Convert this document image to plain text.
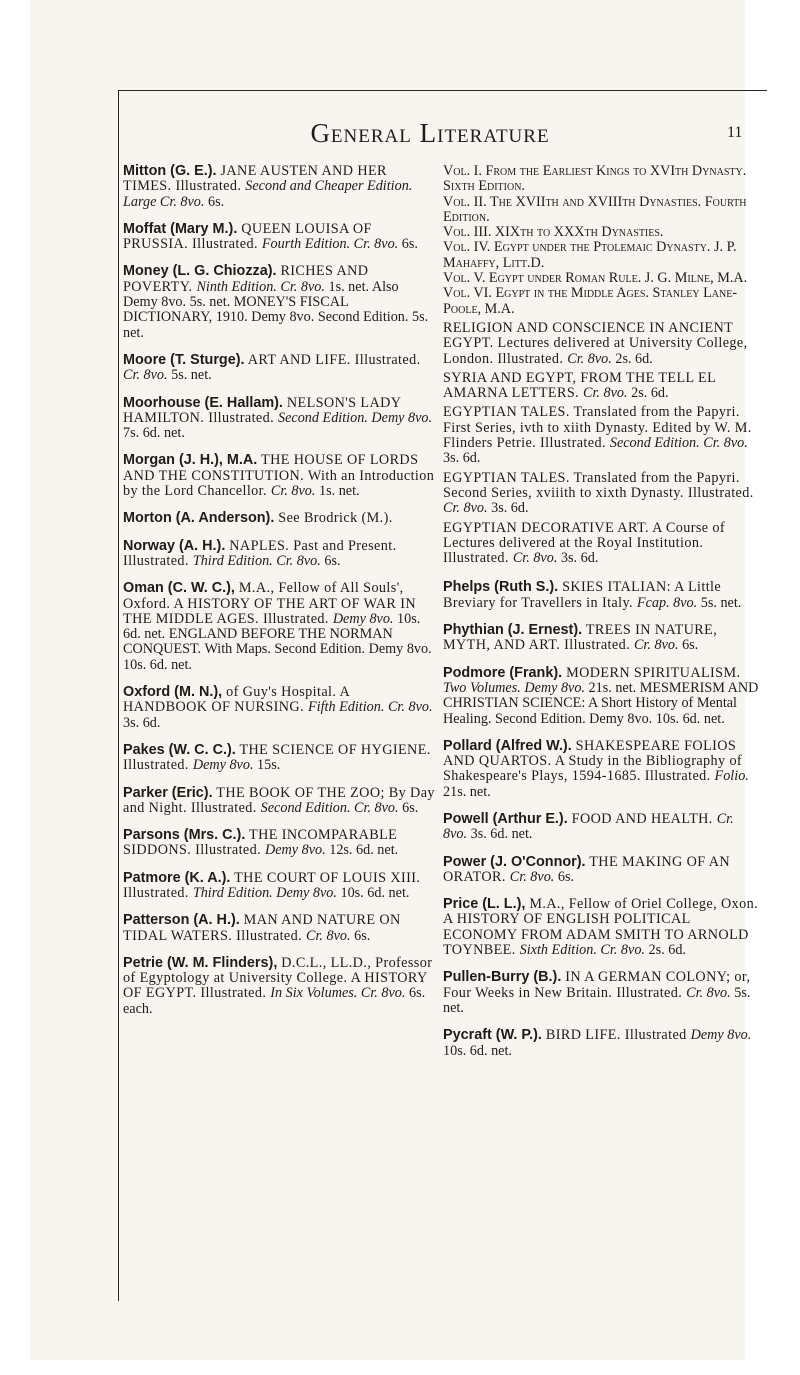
General Literature	11
Mitton (G. E.). JANE AUSTEN AND HER TIMES. Illustrated. Second and Cheaper Edition. Large Cr. 8vo. 6s.
Moffat (Mary M.). QUEEN LOUISA OF PRUSSIA. Illustrated. Fourth Edition. Cr. 8vo. 6s.
Money (L. G. Chiozza). RICHES AND POVERTY. Ninth Edition. Cr. 8vo. 1s. net. Also Demy 8vo. 5s. net. MONEY'S FISCAL DICTIONARY, 1910. Demy 8vo. Second Edition. 5s. net.
Moore (T. Sturge). ART AND LIFE. Illustrated. Cr. 8vo. 5s. net.
Moorhouse (E. Hallam). NELSON'S LADY HAMILTON. Illustrated. Second Edition. Demy 8vo. 7s. 6d. net.
Morgan (J. H.), M.A. THE HOUSE OF LORDS AND THE CONSTITUTION. With an Introduction by the Lord Chancellor. Cr. 8vo. 1s. net.
Morton (A. Anderson). See Brodrick (M.).
Norway (A. H.). NAPLES. Past and Present. Illustrated. Third Edition. Cr. 8vo. 6s.
Oman (C. W. C.), M.A., Fellow of All Souls', Oxford. A HISTORY OF THE ART OF WAR IN THE MIDDLE AGES. Illustrated. Demy 8vo. 10s. 6d. net. ENGLAND BEFORE THE NORMAN CONQUEST. With Maps. Second Edition. Demy 8vo. 10s. 6d. net.
Oxford (M. N.), of Guy's Hospital. A HANDBOOK OF NURSING. Fifth Edition. Cr. 8vo. 3s. 6d.
Pakes (W. C. C.). THE SCIENCE OF HYGIENE. Illustrated. Demy 8vo. 15s.
Parker (Eric). THE BOOK OF THE ZOO; By Day and Night. Illustrated. Second Edition. Cr. 8vo. 6s.
Parsons (Mrs. C.). THE INCOMPARABLE SIDDONS. Illustrated. Demy 8vo. 12s. 6d. net.
Patmore (K. A.). THE COURT OF LOUIS XIII. Illustrated. Third Edition. Demy 8vo. 10s. 6d. net.
Patterson (A. H.). MAN AND NATURE ON TIDAL WATERS. Illustrated. Cr. 8vo. 6s.
Petrie (W. M. Flinders), D.C.L., LL.D., Professor of Egyptology at University College. A HISTORY OF EGYPT. Illustrated. In Six Volumes. Cr. 8vo. 6s. each.
Vol. I. From the Earliest Kings to XVIth Dynasty. Sixth Edition.
Vol. II. The XVIIth and XVIIIth Dynasties. Fourth Edition.
Vol. III. XIXth to XXXth Dynasties.
Vol. IV. Egypt under the Ptolemaic Dynasty. J. P. Mahaffy, Litt.D.
Vol. V. Egypt under Roman Rule. J. G. Milne, M.A.
Vol. VI. Egypt in the Middle Ages. Stanley Lane-Poole, M.A.
RELIGION AND CONSCIENCE IN ANCIENT EGYPT. Lectures delivered at University College, London. Illustrated. Cr. 8vo. 2s. 6d.
SYRIA AND EGYPT, FROM THE TELL EL AMARNA LETTERS. Cr. 8vo. 2s. 6d.
EGYPTIAN TALES. Translated from the Papyri. First Series, ivth to xiith Dynasty. Edited by W. M. Flinders Petrie. Illustrated. Second Edition. Cr. 8vo. 3s. 6d.
EGYPTIAN TALES. Translated from the Papyri. Second Series, xviiith to xixth Dynasty. Illustrated. Cr. 8vo. 3s. 6d.
EGYPTIAN DECORATIVE ART. A Course of Lectures delivered at the Royal Institution. Illustrated. Cr. 8vo. 3s. 6d.
Phelps (Ruth S.). SKIES ITALIAN: A Little Breviary for Travellers in Italy. Fcap. 8vo. 5s. net.
Phythian (J. Ernest). TREES IN NATURE, MYTH, AND ART. Illustrated. Cr. 8vo. 6s.
Podmore (Frank). MODERN SPIRITUALISM. Two Volumes. Demy 8vo. 21s. net. MESMERISM AND CHRISTIAN SCIENCE: A Short History of Mental Healing. Second Edition. Demy 8vo. 10s. 6d. net.
Pollard (Alfred W.). SHAKESPEARE FOLIOS AND QUARTOS. A Study in the Bibliography of Shakespeare's Plays, 1594-1685. Illustrated. Folio. 21s. net.
Powell (Arthur E.). FOOD AND HEALTH. Cr. 8vo. 3s. 6d. net.
Power (J. O'Connor). THE MAKING OF AN ORATOR. Cr. 8vo. 6s.
Price (L. L.), M.A., Fellow of Oriel College, Oxon. A HISTORY OF ENGLISH POLITICAL ECONOMY FROM ADAM SMITH TO ARNOLD TOYNBEE. Sixth Edition. Cr. 8vo. 2s. 6d.
Pullen-Burry (B.). IN A GERMAN COLONY; or, Four Weeks in New Britain. Illustrated. Cr. 8vo. 5s. net.
Pycraft (W. P.). BIRD LIFE. Illustrated Demy 8vo. 10s. 6d. net.
